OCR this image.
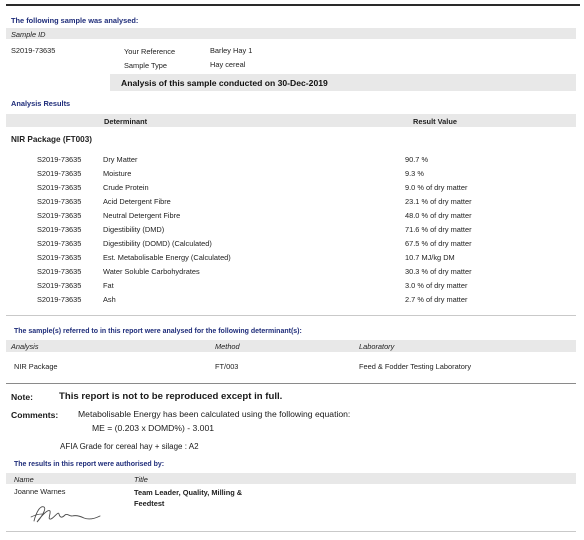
The following sample was analysed:
Sample ID
S2019-73635	Your Reference	Barley Hay 1
Sample Type	Hay cereal
Analysis of this sample conducted on 30-Dec-2019
Analysis Results
Determinant	Result Value
NIR Package (FT003)
S2019-73635	Dry Matter	90.7 %
S2019-73635	Moisture	9.3 %
S2019-73635	Crude Protein	9.0 % of dry matter
S2019-73635	Acid Detergent Fibre	23.1 % of dry matter
S2019-73635	Neutral Detergent Fibre	48.0 % of dry matter
S2019-73635	Digestibility (DMD)	71.6 % of dry matter
S2019-73635	Digestibility (DOMD) (Calculated)	67.5 % of dry matter
S2019-73635	Est. Metabolisable Energy (Calculated)	10.7 MJ/kg DM
S2019-73635	Water Soluble Carbohydrates	30.3 % of dry matter
S2019-73635	Fat	3.0 % of dry matter
S2019-73635	Ash	2.7 % of dry matter
The sample(s) referred to in this report were analysed for the following determinant(s):
Analysis	Method	Laboratory
NIR Package	FT/003	Feed & Fodder Testing Laboratory
Note:	This report is not to be reproduced except in full.
Comments: Metabolisable Energy has been calculated using the following equation:
ME = (0.203 x DOMD%) - 3.001
AFIA Grade for cereal hay + silage : A2
The results in this report were authorised by:
Name	Title
Joanne Warnes	Team Leader, Quality, Milling &
Feedtest
